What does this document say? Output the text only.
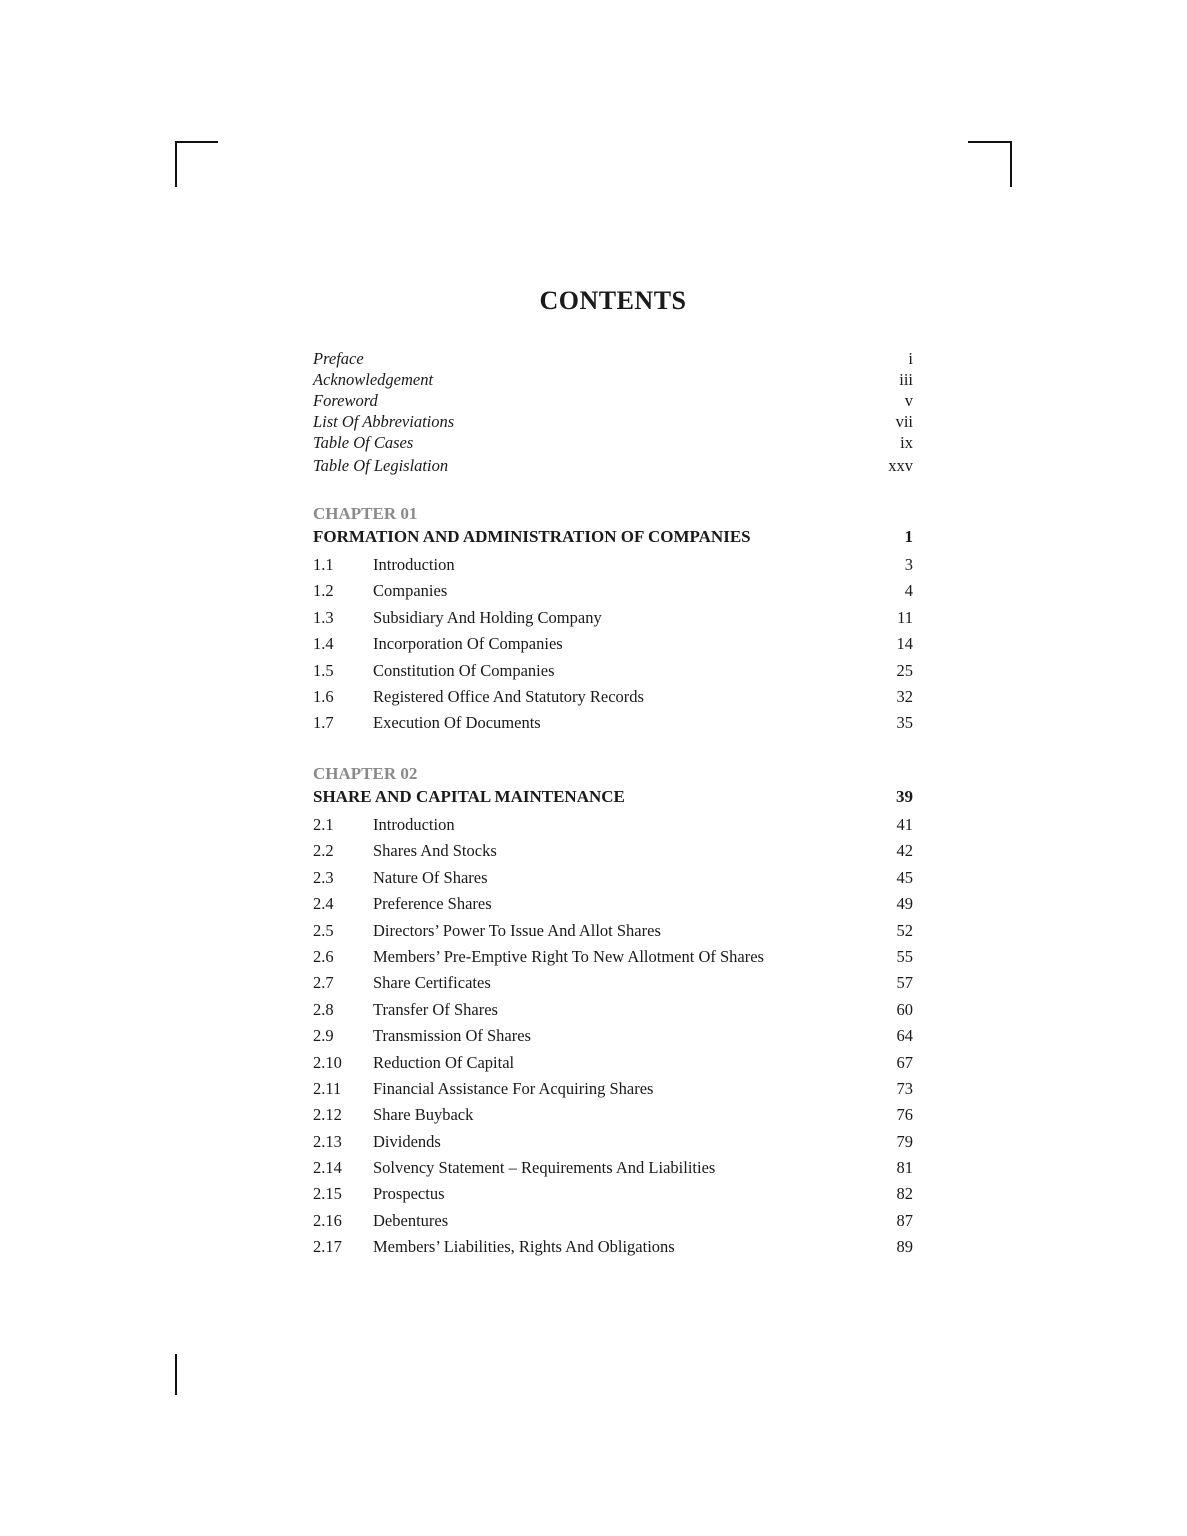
CONTENTS
Preface	i
Acknowledgement	iii
Foreword	v
List Of Abbreviations	vii
Table Of Cases	ix
Table Of Legislation	xxv
CHAPTER 01
FORMATION AND ADMINISTRATION OF COMPANIES	1
1.1	Introduction	3
1.2	Companies	4
1.3	Subsidiary And Holding Company	11
1.4	Incorporation Of Companies	14
1.5	Constitution Of Companies	25
1.6	Registered Office And Statutory Records	32
1.7	Execution Of Documents	35
CHAPTER 02
SHARE AND CAPITAL MAINTENANCE	39
2.1	Introduction	41
2.2	Shares And Stocks	42
2.3	Nature Of Shares	45
2.4	Preference Shares	49
2.5	Directors’ Power To Issue And Allot Shares	52
2.6	Members’ Pre-Emptive Right To New Allotment Of Shares	55
2.7	Share Certificates	57
2.8	Transfer Of Shares	60
2.9	Transmission Of Shares	64
2.10	Reduction Of Capital	67
2.11	Financial Assistance For Acquiring Shares	73
2.12	Share Buyback	76
2.13	Dividends	79
2.14	Solvency Statement – Requirements And Liabilities	81
2.15	Prospectus	82
2.16	Debentures	87
2.17	Members’ Liabilities, Rights And Obligations	89
